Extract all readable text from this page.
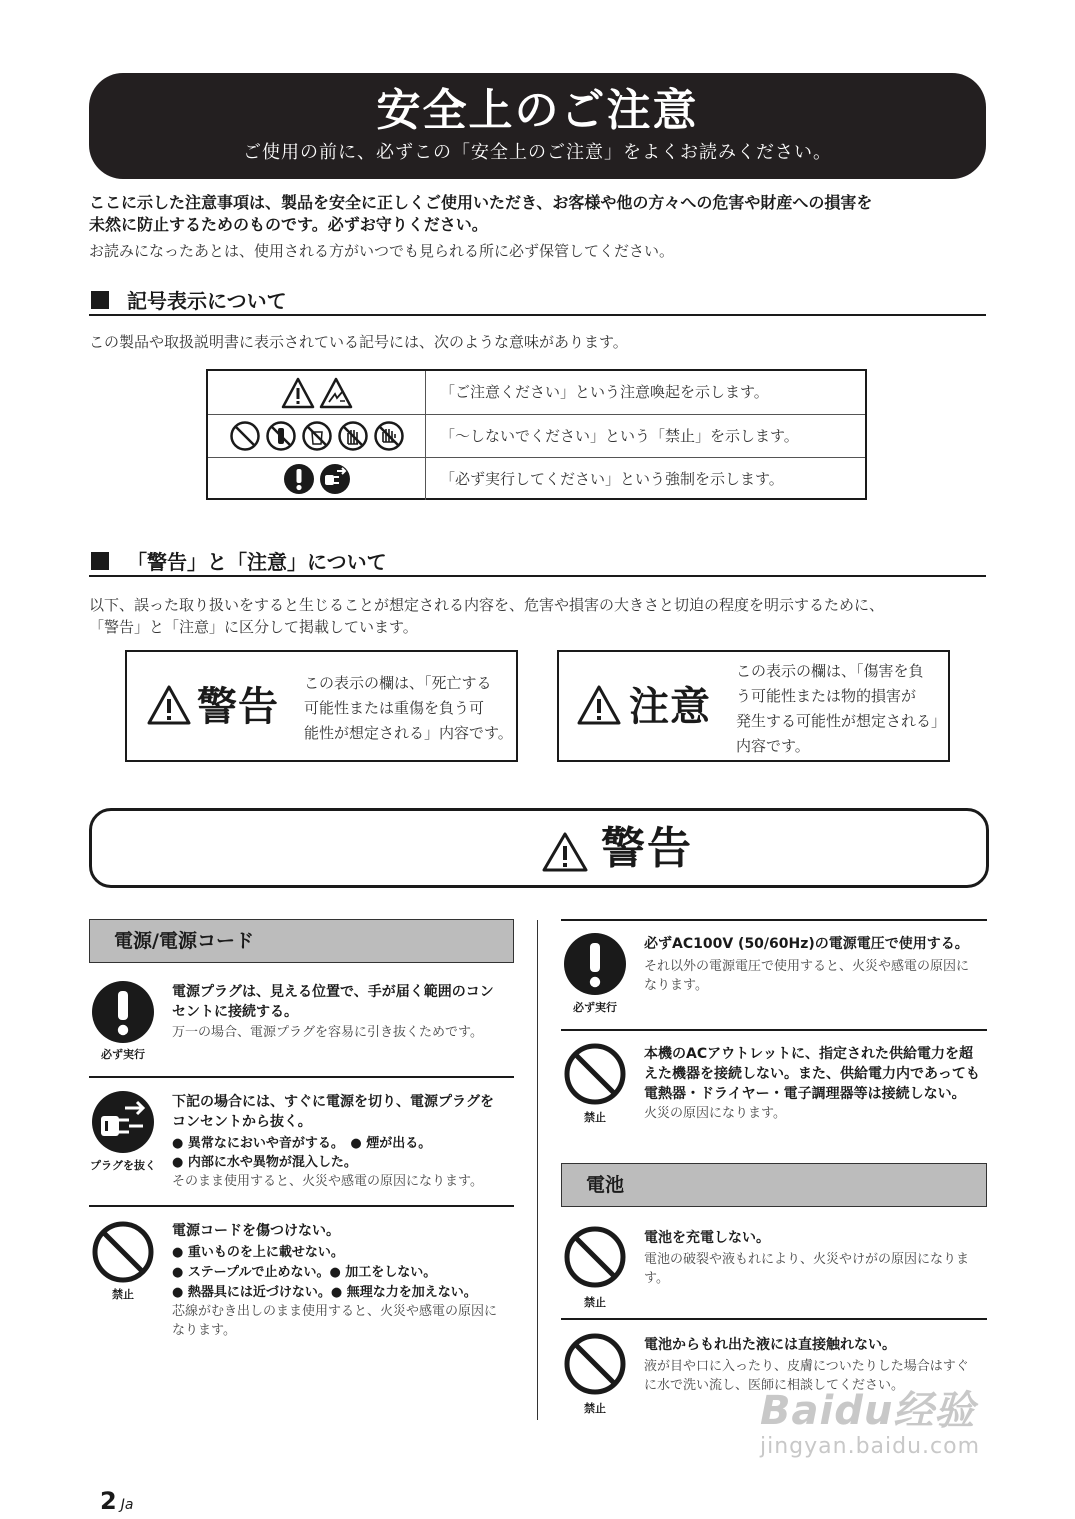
安全上のご注意
ご使用の前に、必ずこの「安全上のご注意」をよくお読みください。
ここに示した注意事項は、製品を安全に正しくご使用いただき、お客様や他の方々への危害や財産への損害を
未然に防止するためのものです。必ずお守りください。
お読みになったあとは、使用される方がいつでも見られる所に必ず保管してください。
記号表示について
この製品や取扱説明書に表示されている記号には、次のような意味があります。
「ご注意ください」という注意喚起を示します。
「～しないでください」という「禁止」を示します。
「必ず実行してください」という強制を示します。
「警告」と「注意」について
以下、誤った取り扱いをすると生じることが想定される内容を、危害や損害の大きさと切迫の程度を明示するために、
「警告」と「注意」に区分して掲載しています。
警告
この表示の欄は、「死亡する
可能性または重傷を負う可
能性が想定される」内容です。
注意
この表示の欄は、「傷害を負
う可能性または物的損害が
発生する可能性が想定される」
内容です。
警告
電源/電源コード
必ず実行
電源プラグは、見える位置で、手が届く範囲のコン
セントに接続する。
万一の場合、電源プラグを容易に引き抜くためです。
プラグを抜く
下記の場合には、すぐに電源を切り、電源プラグを
コンセントから抜く。
● 異常なにおいや音がする。　● 煙が出る。
● 内部に水や異物が混入した。
そのまま使用すると、火災や感電の原因になります。
禁止
電源コードを傷つけない。
● 重いものを上に載せない。
● ステープルで止めない。● 加工をしない。
● 熱器具には近づけない。● 無理な力を加えない。
芯線がむき出しのまま使用すると、火災や感電の原因に
なります。
必ず実行
必ずAC100V (50/60Hz)の電源電圧で使用する。
それ以外の電源電圧で使用すると、火災や感電の原因に
なります。
禁止
本機のACアウトレットに、指定された供給電力を超
えた機器を接続しない。また、供給電力内であっても
電熱器・ドライヤー・電子調理器等は接続しない。
火災の原因になります。
電池
禁止
電池を充電しない。
電池の破裂や液もれにより、火災やけがの原因になりま
す。
禁止
電池からもれ出た液には直接触れない。
液が目や口に入ったり、皮膚についたりした場合はすぐ
に水で洗い流し、医師に相談してください。
2 Ja
Baidu经验
jingyan.baidu.com
